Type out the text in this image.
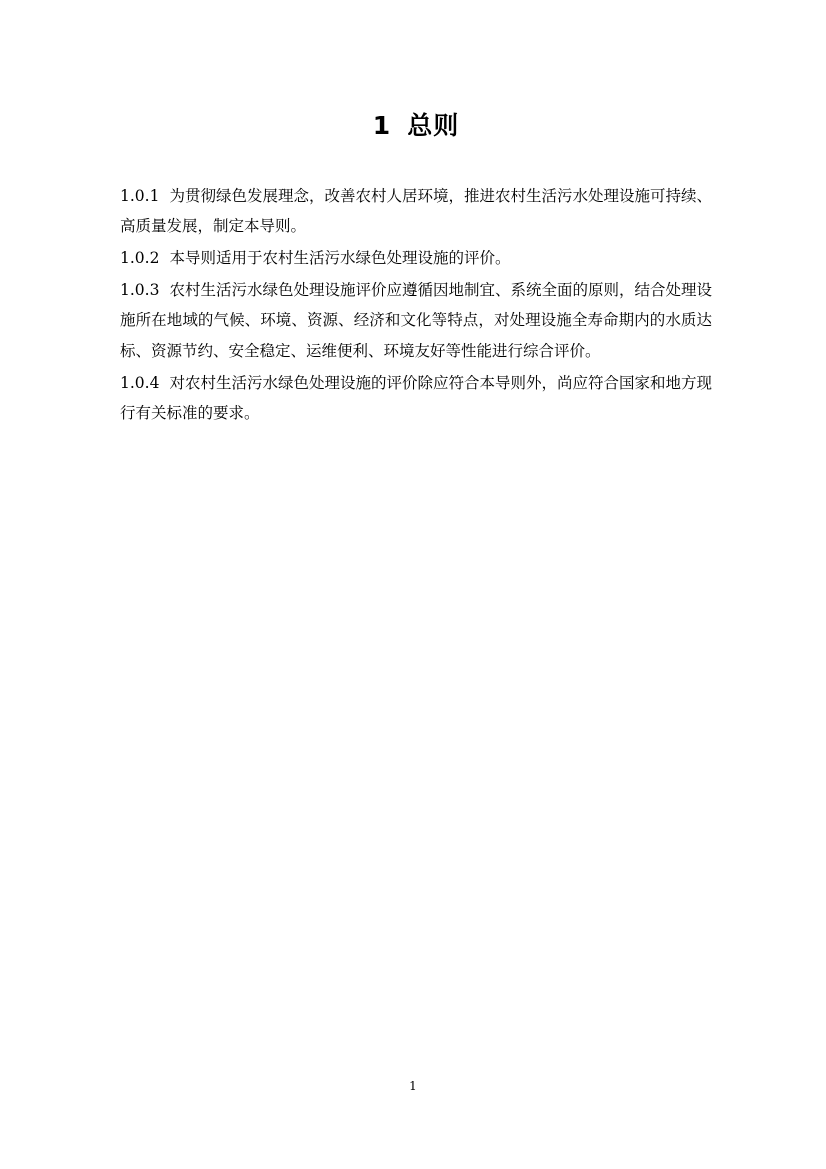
1 总则

1.0.1 为贯彻绿色发展理念，改善农村人居环境，推进农村生活污水处理设施可持续、高质量发展，制定本导则。

1.0.2 本导则适用于农村生活污水绿色处理设施的评价。

1.0.3 农村生活污水绿色处理设施评价应遵循因地制宜、系统全面的原则，结合处理设施所在地域的气候、环境、资源、经济和文化等特点，对处理设施全寿命期内的水质达标、资源节约、安全稳定、运维便利、环境友好等性能进行综合评价。

1.0.4 对农村生活污水绿色处理设施的评价除应符合本导则外，尚应符合国家和地方现行有关标准的要求。

1
